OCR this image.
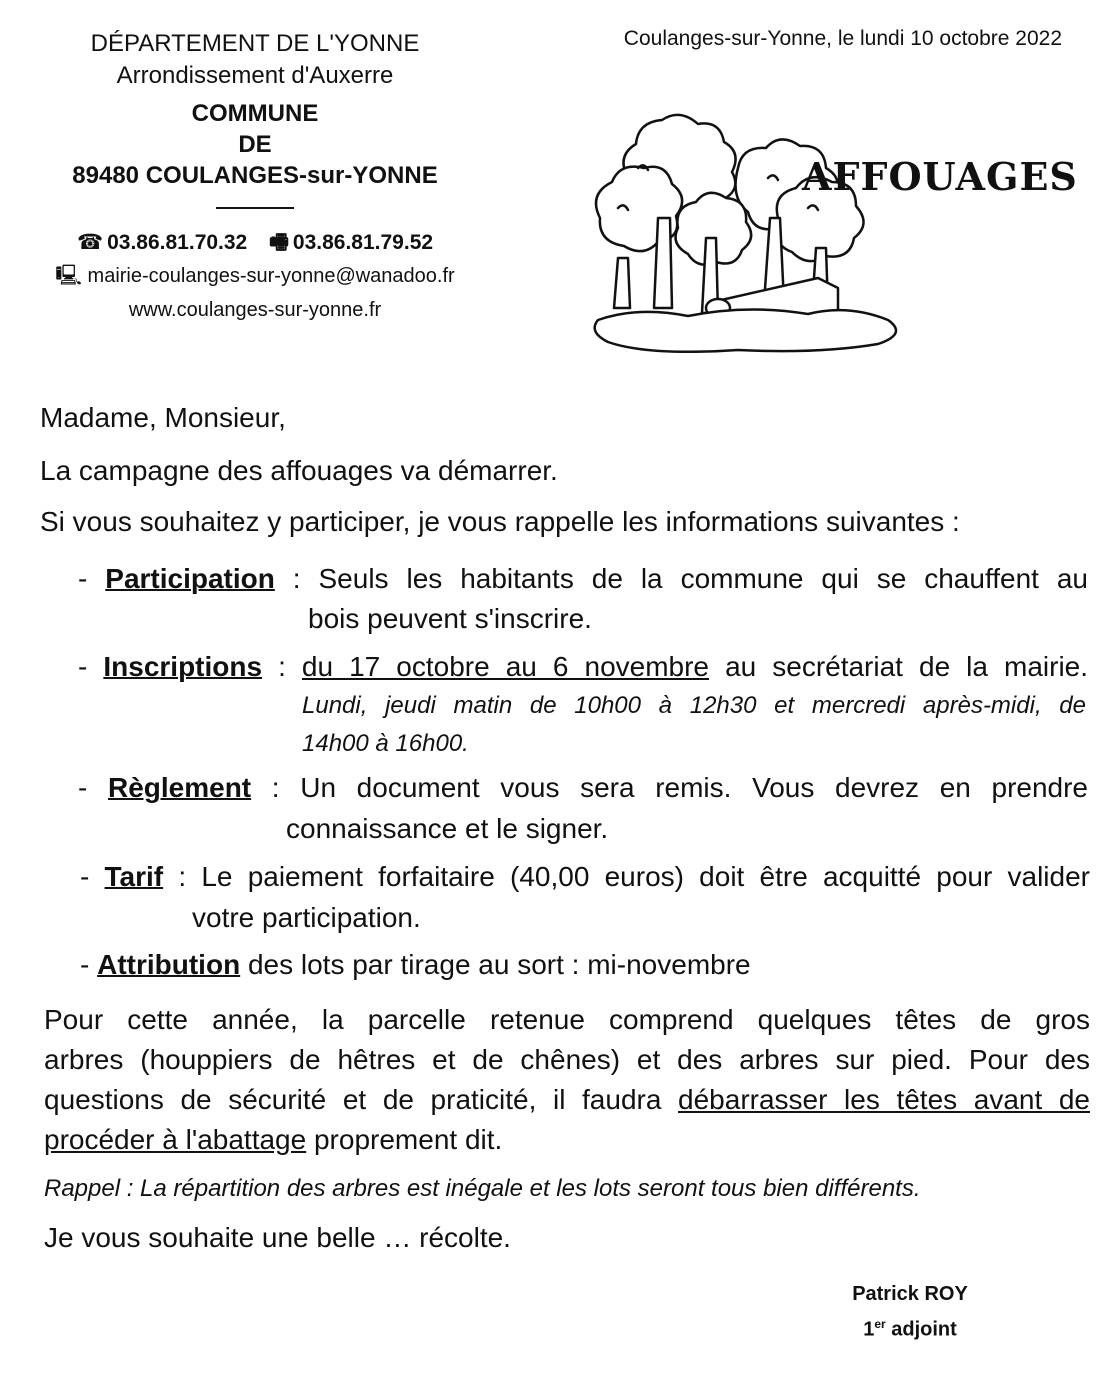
DÉPARTEMENT DE L'YONNE
Arrondissement d'Auxerre
COMMUNE
DE
89480 COULANGES-sur-YONNE
☎ 03.86.81.70.32 🖷 03.86.81.79.52
🖳 mairie-coulanges-sur-yonne@wanadoo.fr
www.coulanges-sur-yonne.fr
Coulanges-sur-Yonne, le lundi 10 octobre 2022
AFFOUAGES
Madame, Monsieur,
La campagne des affouages va démarrer.
Si vous souhaitez y participer, je vous rappelle les informations suivantes :
- Participation : Seuls les habitants de la commune qui se chauffent au
bois peuvent s'inscrire.
- Inscriptions : du 17 octobre au 6 novembre au secrétariat de la mairie.
Lundi, jeudi matin de 10h00 à 12h30 et mercredi après-midi, de
14h00 à 16h00.
- Règlement : Un document vous sera remis. Vous devrez en prendre
connaissance et le signer.
- Tarif : Le paiement forfaitaire (40,00 euros) doit être acquitté pour valider
votre participation.
- Attribution des lots par tirage au sort : mi-novembre
Pour cette année, la parcelle retenue comprend quelques têtes de gros
arbres (houppiers de hêtres et de chênes) et des arbres sur pied. Pour des
questions de sécurité et de praticité, il faudra débarrasser les têtes avant de
procéder à l'abattage proprement dit.
Rappel : La répartition des arbres est inégale et les lots seront tous bien différents.
Je vous souhaite une belle … récolte.
Patrick ROY
1er adjoint
